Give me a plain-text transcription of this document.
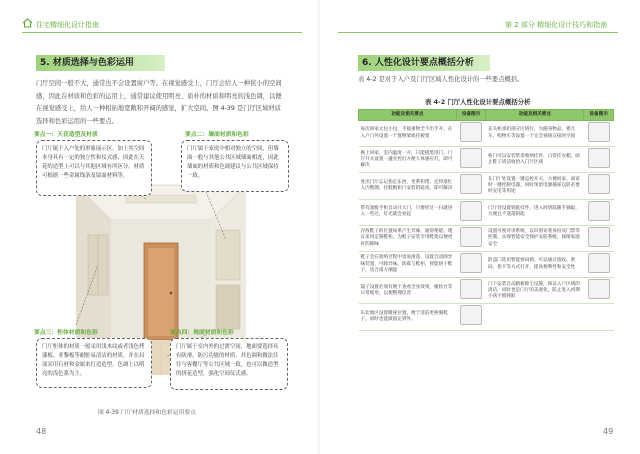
住宅精细化设计指南
5. 材质选择与色彩运用
门厅空间一般不大，通常也不会设置窗户等。在视觉感受上，门厅会给人一种狭小的空间感，因此在材质和色彩的运用上，通常建议使用明亮、质朴的材质和明亮的浅色调，以便在视觉感受上，给人一种相拓地宽敞和开阔的感觉，扩大空间。图 4-39 是门厅区域材质选择和色彩运用的一些要点。
要点一：天花造型及材质	要点二：墙面材质和色彩
要点三：柜体材质和色彩	要点四：地面材质和色彩
门厅属于入户处的形象展示区，加上其空间本身具有一定的独立性和仪式感，因此在天花的造型上可以与其他区域有所区分，材质可根据一些金属线条及镜面材料等。
门厅属于家庭中相对独立的空间，但墙面一般与其他公共区域墙面相连，因此墙面的材质和色调建议与公共区域保持一致。
门厅柜体的材质一般采用浅木纹或者浅色烤漆板、亚黎板等耐脏易清洁的材质，并在局部采用石材和金属来打造造型，色调上以明亮的浅色系为主。
门厅属于室内外的过渡空间，地面要选择具有防滑、防污功能的材质，其色调和做法往往与客餐厅等公共区域一致，也可以做造型的拼花造型，强化空间仪式感。
图 4-39 门厅材质选择和色彩运用要点
48
第 2 部分 精细化设计技巧和指南
6. 人性化设计要点概括分析
表 4-2 是对于入户及门厅区域人性化设计的一些要点概括。
表 4-2 门厅人性化设计要点概括分析
功能及相关要点	设备图示	功能及相关要点	设备图示
每次回家太包小包，手提重物全不出手开，在入户门外设置一个置物架或托板架		玄关柜承担部分区域行，为随身物品、婴儿车、购物车等设置一个完全视线交接的空间	
换上回家，室内温度一开，只能摸黑进门，门厅开关设置一盏光控灯方便人体感应灯，即可解决		柜门可以安装带余收纳挂件，日常挂衣帽，助止鞋子清洁收拾入门厅区域	
进出门厅忘记指定东西，坐系钥带，还得准忙人内整理，往鞋帽柜门安装钥匙扣，即可解决		在门厅处设置一键总控开关，方便回家、离家时一键控制电器，同时预留电源插座以防必要时充电等用途	
带有超级手机自动开大门，只要经过一扫就进入一些过，灯光就会亮起		门厅处设置钥匙挂件，进入时钥匙随手摘取，方便且不遗落钥匙	
存放鞋子的位置如果产生异味，通常便暗，建议采用定制鞋柜，为鞋子安装专用鞋架以便更好的除味		设置可视对讲系统，以识别访客身份及门禁等控制，实现智能安全保护安防系统，保障家庭安全	
鞋子会在收纳过程中容易滑落，设置自动除异味装置，可除异味、防霉与鞋柜，智能烘干鞋子，适合南方潮湿		防盗门选用智能密码锁，可以通过指纹、密码、指卡等方式打开，提高便利性和安全性	
镜子设置必须有便于查看全身效果，梳妆台等日常使用，以便整理仪容		门下安装自动踏板除尘设施，保证入户区域的清洁，同时也是门厅的美观化，防止进入初期小孩不慎摔跤	
东北地区设置暖座位置，便于清洁更换脱鞋子，同时也能做固定到外。			
49
